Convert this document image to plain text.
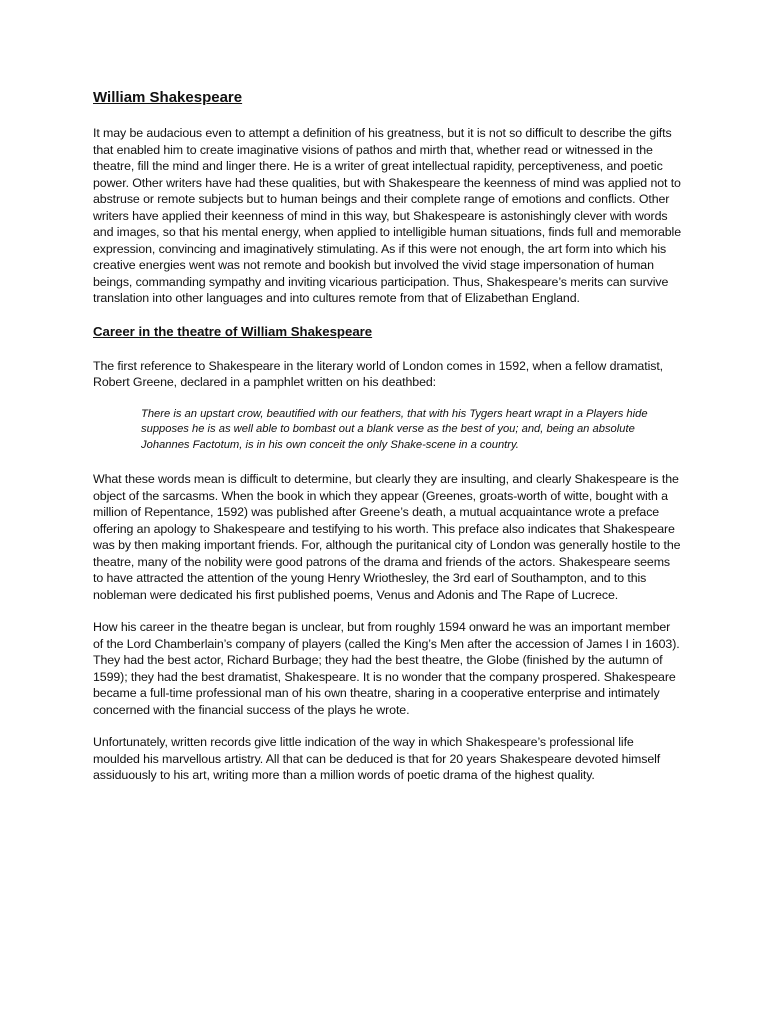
William Shakespeare

It may be audacious even to attempt a definition of his greatness, but it is not so difficult to describe the gifts that enabled him to create imaginative visions of pathos and mirth that, whether read or witnessed in the theatre, fill the mind and linger there. He is a writer of great intellectual rapidity, perceptiveness, and poetic power. Other writers have had these qualities, but with Shakespeare the keenness of mind was applied not to abstruse or remote subjects but to human beings and their complete range of emotions and conflicts. Other writers have applied their keenness of mind in this way, but Shakespeare is astonishingly clever with words and images, so that his mental energy, when applied to intelligible human situations, finds full and memorable expression, convincing and imaginatively stimulating. As if this were not enough, the art form into which his creative energies went was not remote and bookish but involved the vivid stage impersonation of human beings, commanding sympathy and inviting vicarious participation. Thus, Shakespeare’s merits can survive translation into other languages and into cultures remote from that of Elizabethan England.

Career in the theatre of William Shakespeare

The first reference to Shakespeare in the literary world of London comes in 1592, when a fellow dramatist, Robert Greene, declared in a pamphlet written on his deathbed:

There is an upstart crow, beautified with our feathers, that with his Tygers heart wrapt in a Players hide supposes he is as well able to bombast out a blank verse as the best of you; and, being an absolute Johannes Factotum, is in his own conceit the only Shake-scene in a country.

What these words mean is difficult to determine, but clearly they are insulting, and clearly Shakespeare is the object of the sarcasms. When the book in which they appear (Greenes, groats-worth of witte, bought with a million of Repentance, 1592) was published after Greene’s death, a mutual acquaintance wrote a preface offering an apology to Shakespeare and testifying to his worth. This preface also indicates that Shakespeare was by then making important friends. For, although the puritanical city of London was generally hostile to the theatre, many of the nobility were good patrons of the drama and friends of the actors. Shakespeare seems to have attracted the attention of the young Henry Wriothesley, the 3rd earl of Southampton, and to this nobleman were dedicated his first published poems, Venus and Adonis and The Rape of Lucrece.

How his career in the theatre began is unclear, but from roughly 1594 onward he was an important member of the Lord Chamberlain’s company of players (called the King’s Men after the accession of James I in 1603). They had the best actor, Richard Burbage; they had the best theatre, the Globe (finished by the autumn of 1599); they had the best dramatist, Shakespeare. It is no wonder that the company prospered. Shakespeare became a full-time professional man of his own theatre, sharing in a cooperative enterprise and intimately concerned with the financial success of the plays he wrote.

Unfortunately, written records give little indication of the way in which Shakespeare’s professional life moulded his marvellous artistry. All that can be deduced is that for 20 years Shakespeare devoted himself assiduously to his art, writing more than a million words of poetic drama of the highest quality.
